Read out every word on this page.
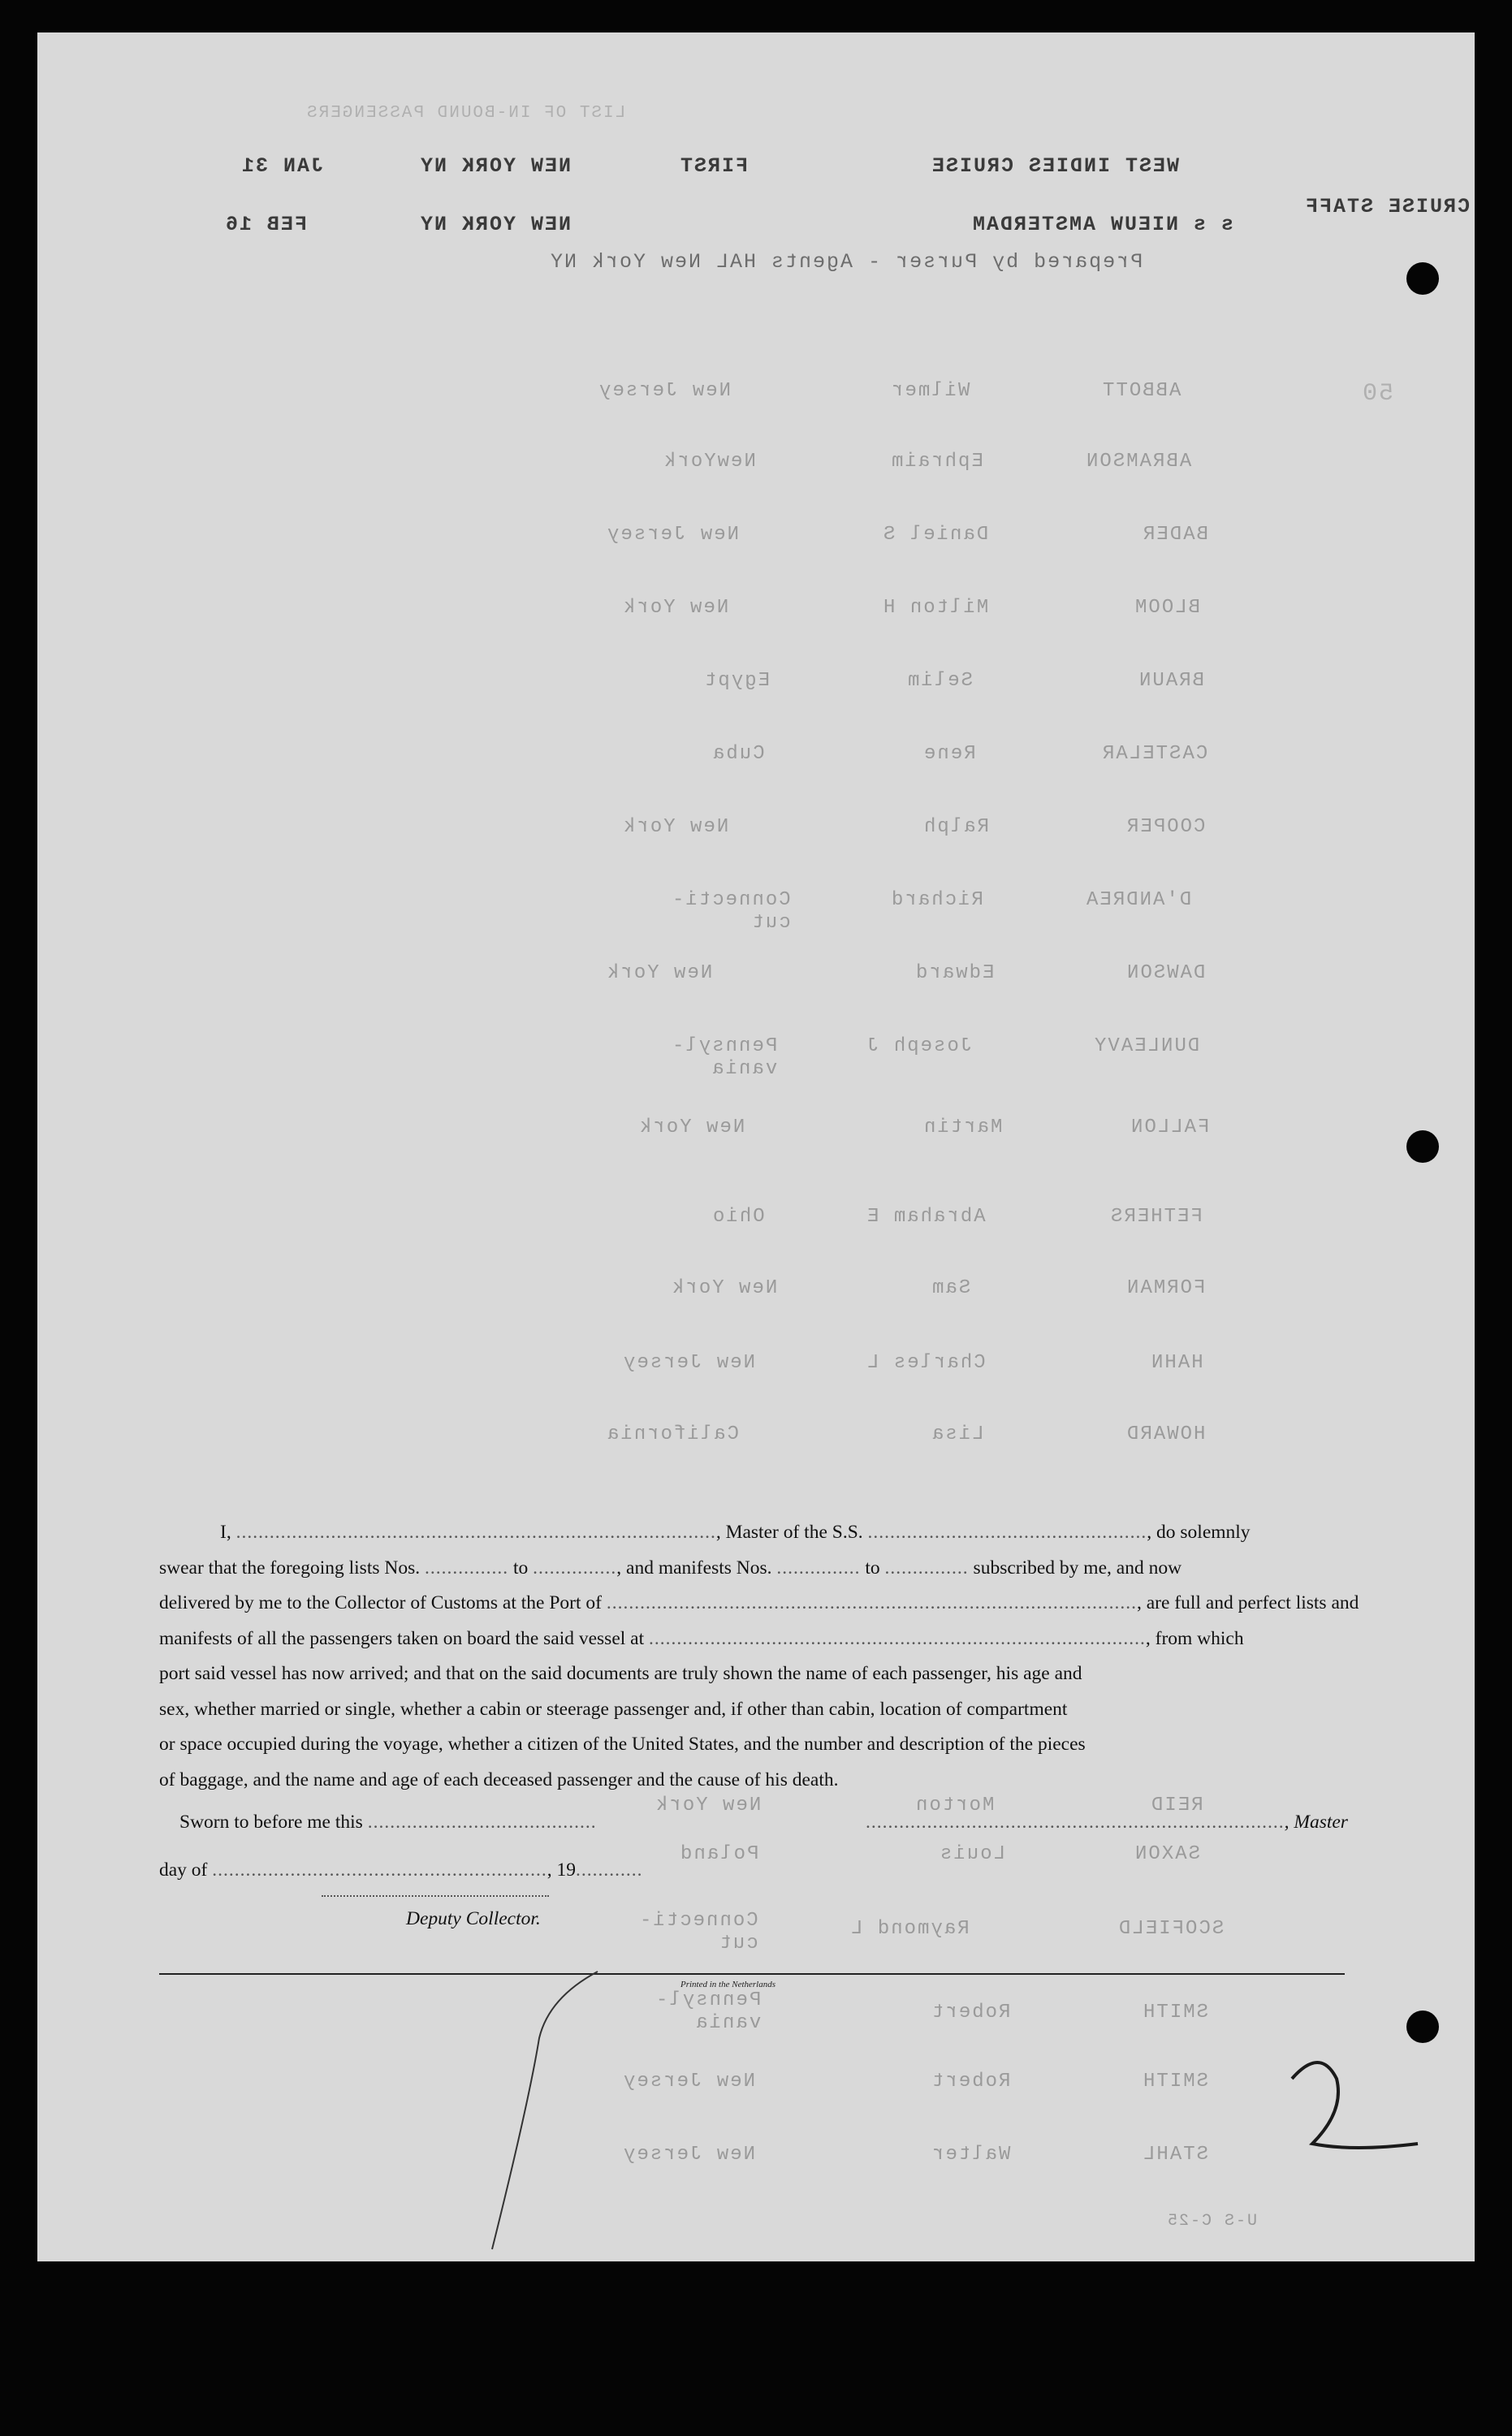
LIST OF IN-BOUND PASSENGERS
WEST INDIES CRUISE
FIRST
NEW YORK NY
JAN 31
CRUISE STAFF
s s NIEUW AMSTERDAM
NEW YORK NY
FEB 16
Prepared by Purser - Agents HAL New York NY
50
ABBOTT
Wilmer
New Jersey
ABRAMSON
Ephraim
NewYork
BADER
Daniel S
New Jersey
BLOOM
Milton H
New York
BRAUN
Selim
Egypt
CASTELAR
Rene
Cuba
COOPER
Ralph
New York
D'ANDREA
Richard
Connecti-
cut
DAWSON
Edward
New York
DUNLEAVY
Joseph J
Pennsyl-
vania
FALLON
Martin
New York
FETHERS
Abraham E
Ohio
FORMAN
Sam
New York
HAHN
Charles L
New Jersey
HOWARD
Lisa
California
REID
Morton
New York
SAXON
Louis
Poland
SCOFIELD
Raymond L
Connecti-
cut
SMITH
Robert
Pennsyl-
vania
SMITH
Robert
New Jersey
STAHL
Walter
New Jersey
U-S C-25

I, ......................................................................................, Master of the S.S. .................................................., do solemnly

swear that the foregoing lists Nos. ............... to ..............., and manifests Nos. ............... to ............... subscribed by me, and now

delivered by me to the Collector of Customs at the Port of ..............................................................................................., are full and perfect lists and

manifests of all the passengers taken on board the said vessel at ........................................................................................., from which

port said vessel has now arrived; and that on the said documents are truly shown the name of each passenger, his age and

sex, whether married or single, whether a cabin or steerage passenger and, if other than cabin, location of compartment

or space occupied during the voyage, whether a citizen of the United States, and the number and description of the pieces

of baggage, and the name and age of each deceased passenger and the cause of his death.

Sworn to before me this .........................................	..........................................................................., Master
day of ............................................................, 19............
Deputy Collector.
Printed in the Netherlands
